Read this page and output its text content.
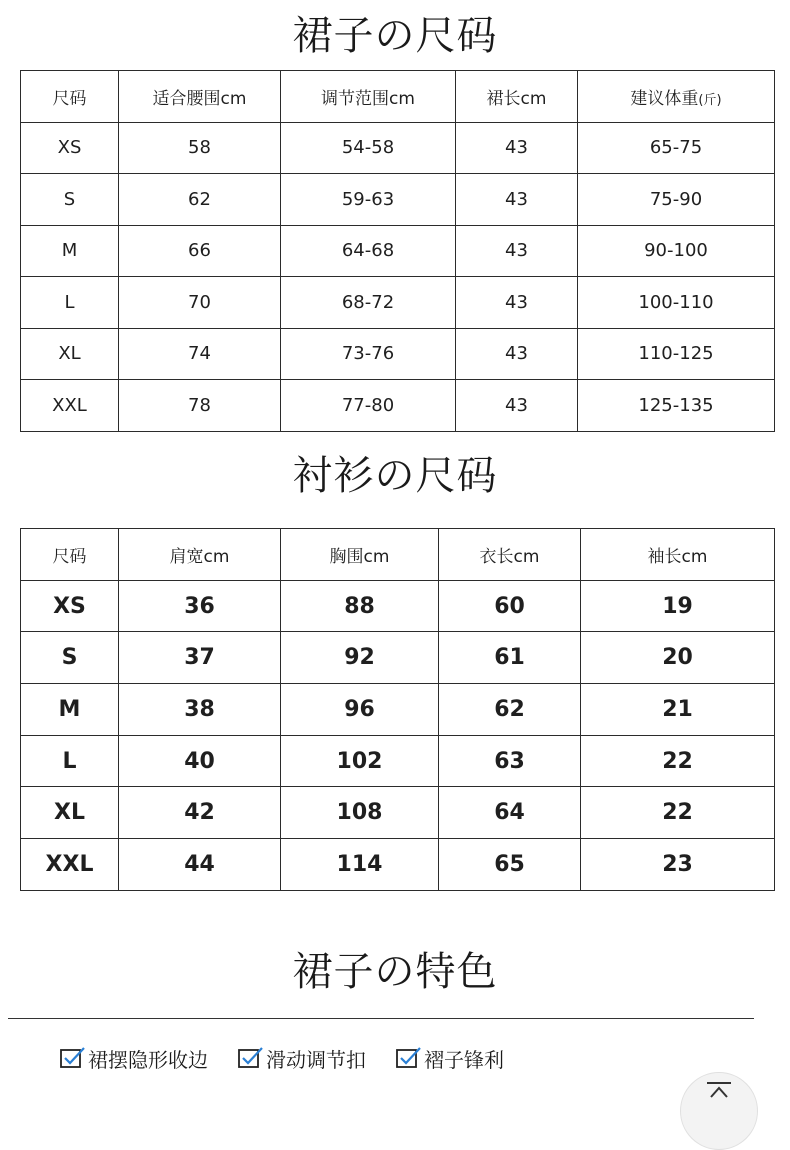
裙子の尺码
尺码	适合腰围cm	调节范围cm	裙长cm	建议体重(斤)
XS	58	54-58	43	65-75
S	62	59-63	43	75-90
M	66	64-68	43	90-100
L	70	68-72	43	100-110
XL	74	73-76	43	110-125
XXL	78	77-80	43	125-135
衬衫の尺码
尺码	肩宽cm	胸围cm	衣长cm	袖长cm
XS	36	88	60	19
S	37	92	61	20
M	38	96	62	21
L	40	102	63	22
XL	42	108	64	22
XXL	44	114	65	23
裙子の特色
裙摆隐形收边	滑动调节扣	褶子锋利
